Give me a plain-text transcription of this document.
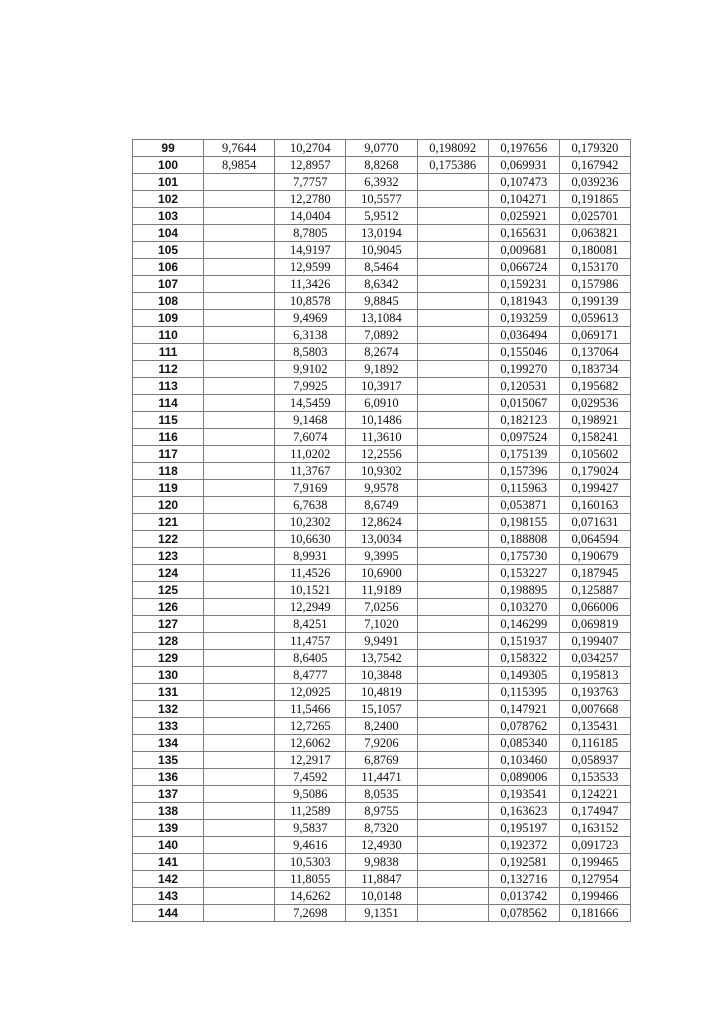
99	9,7644	10,2704	9,0770	0,198092	0,197656	0,179320
100	8,9854	12,8957	8,8268	0,175386	0,069931	0,167942
101		7,7757	6,3932		0,107473	0,039236
102		12,2780	10,5577		0,104271	0,191865
103		14,0404	5,9512		0,025921	0,025701
104		8,7805	13,0194		0,165631	0,063821
105		14,9197	10,9045		0,009681	0,180081
106		12,9599	8,5464		0,066724	0,153170
107		11,3426	8,6342		0,159231	0,157986
108		10,8578	9,8845		0,181943	0,199139
109		9,4969	13,1084		0,193259	0,059613
110		6,3138	7,0892		0,036494	0,069171
111		8,5803	8,2674		0,155046	0,137064
112		9,9102	9,1892		0,199270	0,183734
113		7,9925	10,3917		0,120531	0,195682
114		14,5459	6,0910		0,015067	0,029536
115		9,1468	10,1486		0,182123	0,198921
116		7,6074	11,3610		0,097524	0,158241
117		11,0202	12,2556		0,175139	0,105602
118		11,3767	10,9302		0,157396	0,179024
119		7,9169	9,9578		0,115963	0,199427
120		6,7638	8,6749		0,053871	0,160163
121		10,2302	12,8624		0,198155	0,071631
122		10,6630	13,0034		0,188808	0,064594
123		8,9931	9,3995		0,175730	0,190679
124		11,4526	10,6900		0,153227	0,187945
125		10,1521	11,9189		0,198895	0,125887
126		12,2949	7,0256		0,103270	0,066006
127		8,4251	7,1020		0,146299	0,069819
128		11,4757	9,9491		0,151937	0,199407
129		8,6405	13,7542		0,158322	0,034257
130		8,4777	10,3848		0,149305	0,195813
131		12,0925	10,4819		0,115395	0,193763
132		11,5466	15,1057		0,147921	0,007668
133		12,7265	8,2400		0,078762	0,135431
134		12,6062	7,9206		0,085340	0,116185
135		12,2917	6,8769		0,103460	0,058937
136		7,4592	11,4471		0,089006	0,153533
137		9,5086	8,0535		0,193541	0,124221
138		11,2589	8,9755		0,163623	0,174947
139		9,5837	8,7320		0,195197	0,163152
140		9,4616	12,4930		0,192372	0,091723
141		10,5303	9,9838		0,192581	0,199465
142		11,8055	11,8847		0,132716	0,127954
143		14,6262	10,0148		0,013742	0,199466
144		7,2698	9,1351		0,078562	0,181666
